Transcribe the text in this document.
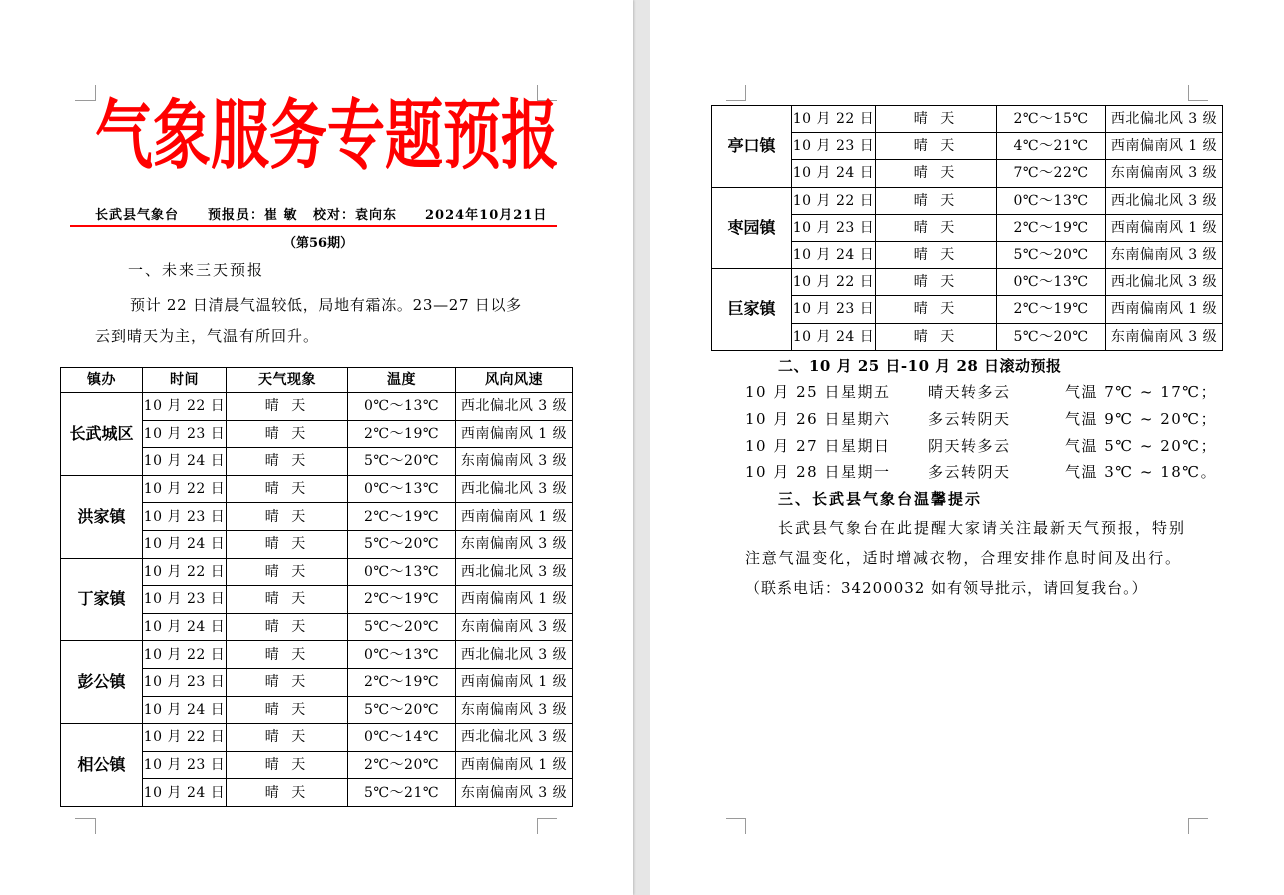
气象服务专题预报
长武县气象台 预报员：崔 敏 校对：袁向东 2024年10月21日
（第56期）
一、未来三天预报
预计 22 日清晨气温较低，局地有霜冻。23—27 日以多
云到晴天为主，气温有所回升。
镇办	时间	天气现象	温度	风向风速
长武城区	10 月 22 日	晴 天	0℃～13℃	西北偏北风 3 级
	10 月 23 日	晴 天	2℃～19℃	西南偏南风 1 级
	10 月 24 日	晴 天	5℃～20℃	东南偏南风 3 级
洪家镇	10 月 22 日	晴 天	0℃～13℃	西北偏北风 3 级
	10 月 23 日	晴 天	2℃～19℃	西南偏南风 1 级
	10 月 24 日	晴 天	5℃～20℃	东南偏南风 3 级
丁家镇	10 月 22 日	晴 天	0℃～13℃	西北偏北风 3 级
	10 月 23 日	晴 天	2℃～19℃	西南偏南风 1 级
	10 月 24 日	晴 天	5℃～20℃	东南偏南风 3 级
彭公镇	10 月 22 日	晴 天	0℃～13℃	西北偏北风 3 级
	10 月 23 日	晴 天	2℃～19℃	西南偏南风 1 级
	10 月 24 日	晴 天	5℃～20℃	东南偏南风 3 级
相公镇	10 月 22 日	晴 天	0℃～14℃	西北偏北风 3 级
	10 月 23 日	晴 天	2℃～20℃	西南偏南风 1 级
	10 月 24 日	晴 天	5℃～21℃	东南偏南风 3 级
亭口镇	10 月 22 日	晴 天	2℃～15℃	西北偏北风 3 级
	10 月 23 日	晴 天	4℃～21℃	西南偏南风 1 级
	10 月 24 日	晴 天	7℃～22℃	东南偏南风 3 级
枣园镇	10 月 22 日	晴 天	0℃～13℃	西北偏北风 3 级
	10 月 23 日	晴 天	2℃～19℃	西南偏南风 1 级
	10 月 24 日	晴 天	5℃～20℃	东南偏南风 3 级
巨家镇	10 月 22 日	晴 天	0℃～13℃	西北偏北风 3 级
	10 月 23 日	晴 天	2℃～19℃	西南偏南风 1 级
	10 月 24 日	晴 天	5℃～20℃	东南偏南风 3 级
二、10 月 25 日-10 月 28 日滚动预报
10 月 25 日星期五	晴天转多云	气温 7℃ ~ 17℃；
10 月 26 日星期六	多云转阴天	气温 9℃ ~ 20℃；
10 月 27 日星期日	阴天转多云	气温 5℃ ~ 20℃；
10 月 28 日星期一	多云转阴天	气温 3℃ ~ 18℃。
三、长武县气象台温馨提示
长武县气象台在此提醒大家请关注最新天气预报，特别
注意气温变化，适时增减衣物，合理安排作息时间及出行。
（联系电话：34200032 如有领导批示，请回复我台。）
